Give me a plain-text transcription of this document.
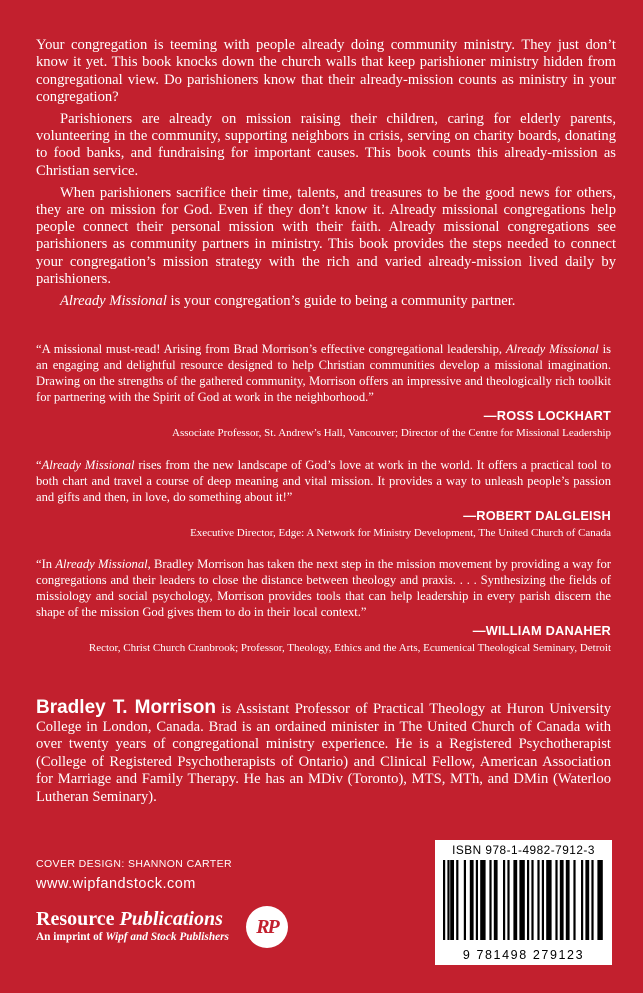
Your congregation is teeming with people already doing community ministry. They just don’t know it yet. This book knocks down the church walls that keep parishioner ministry hidden from congregational view. Do parishioners know that their already-mission counts as ministry in your congregation?

Parishioners are already on mission raising their children, caring for elderly parents, volunteering in the community, supporting neighbors in crisis, serving on charity boards, donating to food banks, and fundraising for important causes. This book counts this already-mission as Christian service.

When parishioners sacrifice their time, talents, and treasures to be the good news for others, they are on mission for God. Even if they don’t know it. Already missional congregations help people connect their personal mission with their faith. Already missional congregations see parishioners as community partners in ministry. This book provides the steps needed to connect your congregation’s mission strategy with the rich and varied already-mission lived daily by parishioners.

Already Missional is your congregation’s guide to being a community partner.

“A missional must-read! Arising from Brad Morrison’s effective congregational leadership, Already Missional is an engaging and delightful resource designed to help Christian communities develop a missional imagination. Drawing on the strengths of the gathered community, Morrison offers an impressive and theologically rich toolkit for partnering with the Spirit of God at work in the neighborhood.”

—ROSS LOCKHART
Associate Professor, St. Andrew’s Hall, Vancouver; Director of the Centre for Missional Leadership

“Already Missional rises from the new landscape of God’s love at work in the world. It offers a practical tool to both chart and travel a course of deep meaning and vital mission. It provides a way to unleash people’s passion and gifts and then, in love, do something about it!”

—ROBERT DALGLEISH
Executive Director, Edge: A Network for Ministry Development, The United Church of Canada

“In Already Missional, Bradley Morrison has taken the next step in the mission movement by providing a way for congregations and their leaders to close the distance between theology and praxis. . . . Synthesizing the fields of missiology and social psychology, Morrison provides tools that can help leadership in every parish discern the shape of the mission God gives them to do in their local context.”

—WILLIAM DANAHER
Rector, Christ Church Cranbrook; Professor, Theology, Ethics and the Arts, Ecumenical Theological Seminary, Detroit
Bradley T. Morrison is Assistant Professor of Practical Theology at Huron University College in London, Canada. Brad is an ordained minister in The United Church of Canada with over twenty years of congregational ministry experience. He is a Registered Psychotherapist (College of Registered Psychotherapists of Ontario) and Clinical Fellow, American Association for Marriage and Family Therapy. He has an MDiv (Toronto), MTS, MTh, and DMin (Waterloo Lutheran Seminary).
COVER DESIGN: SHANNON CARTER
www.wipfandstock.com
Resource Publications
An imprint of Wipf and Stock Publishers	RP
ISBN 978-1-4982-7912-3
9 781498 279123
